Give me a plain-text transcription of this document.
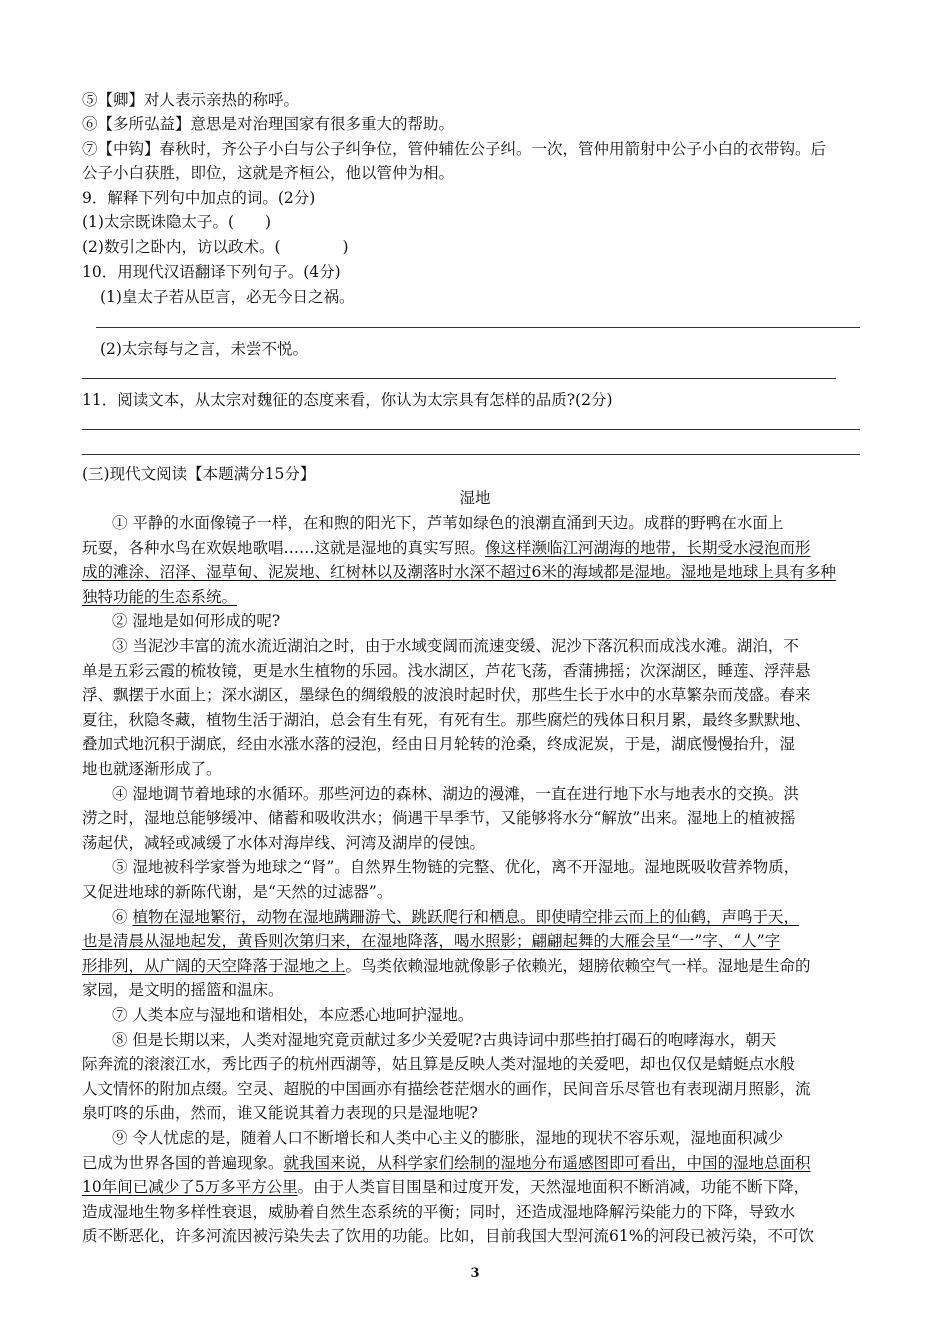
⑤【卿】对人表示亲热的称呼。
⑥【多所弘益】意思是对治理国家有很多重大的帮助。
⑦【中钩】春秋时，齐公子小白与公子纠争位，管仲辅佐公子纠。一次，管仲用箭射中公子小白的衣带钩。后
公子小白获胜，即位，这就是齐桓公，他以管仲为相。
9．解释下列句中加点的词。(2分)
(1)太宗既诛隐太子。(　　)
(2)数引之卧内，访以政术。(　　　　)
10．用现代汉语翻译下列句子。(4分)
(1)皇太子若从臣言，必无今日之祸。
(2)太宗每与之言，未尝不悦。
11．阅读文本，从太宗对魏征的态度来看，你认为太宗具有怎样的品质?(2分)
(三)现代文阅读【本题满分15分】
湿地
① 平静的水面像镜子一样，在和煦的阳光下，芦苇如绿色的浪潮直涌到天边。成群的野鸭在水面上
玩耍，各种水鸟在欢娱地歌唱……这就是湿地的真实写照。像这样濒临江河湖海的地带，长期受水浸泡而形
成的滩涂、沼泽、湿草甸、泥炭地、红树林以及潮落时水深不超过6米的海域都是湿地。湿地是地球上具有多种
独特功能的生态系统。
② 湿地是如何形成的呢?
③ 当泥沙丰富的流水流近湖泊之时，由于水域变阔而流速变缓、泥沙下落沉积而成浅水滩。湖泊，不
单是五彩云霞的梳妆镜，更是水生植物的乐园。浅水湖区，芦花飞荡，香蒲拂摇；次深湖区，睡莲、浮萍悬
浮、飘摆于水面上；深水湖区，墨绿色的绸缎般的波浪时起时伏，那些生长于水中的水草繁杂而茂盛。春来
夏往，秋隐冬藏，植物生活于湖泊，总会有生有死，有死有生。那些腐烂的残体日积月累，最终多默默地、
叠加式地沉积于湖底，经由水涨水落的浸泡，经由日月轮转的沧桑，终成泥炭，于是，湖底慢慢抬升，湿
地也就逐渐形成了。
④ 湿地调节着地球的水循环。那些河边的森林、湖边的漫滩，一直在进行地下水与地表水的交换。洪
涝之时，湿地总能够缓冲、储蓄和吸收洪水；倘遇干旱季节，又能够将水分“解放”出来。湿地上的植被摇
荡起伏，减轻或减缓了水体对海岸线、河湾及湖岸的侵蚀。
⑤ 湿地被科学家誉为地球之“肾”。自然界生物链的完整、优化，离不开湿地。湿地既吸收营养物质，
又促进地球的新陈代谢，是“天然的过滤器”。
⑥ 植物在湿地繁衍，动物在湿地蹒跚游弋、跳跃爬行和栖息。即使晴空排云而上的仙鹤，声鸣于天，
也是清晨从湿地起发，黄昏则次第归来，在湿地降落，喝水照影；翩翩起舞的大雁会呈“一”字、“人”字
形排列，从广阔的天空降落于湿地之上。鸟类依赖湿地就像影子依赖光，翅膀依赖空气一样。湿地是生命的
家园，是文明的摇篮和温床。
⑦ 人类本应与湿地和谐相处，本应悉心地呵护湿地。
⑧ 但是长期以来，人类对湿地究竟贡献过多少关爱呢?古典诗词中那些拍打碣石的咆哮海水，朝天
际奔流的滚滚江水，秀比西子的杭州西湖等，姑且算是反映人类对湿地的关爱吧，却也仅仅是蜻蜓点水般
人文情怀的附加点缀。空灵、超脱的中国画亦有描绘苍茫烟水的画作，民间音乐尽管也有表现湖月照影，流
泉叮咚的乐曲，然而，谁又能说其着力表现的只是湿地呢?
⑨ 令人忧虑的是，随着人口不断增长和人类中心主义的膨胀，湿地的现状不容乐观，湿地面积减少
已成为世界各国的普遍现象。就我国来说，从科学家们绘制的湿地分布遥感图即可看出，中国的湿地总面积
10年间已减少了5万多平方公里。由于人类盲目围垦和过度开发，天然湿地面积不断消减，功能不断下降，
造成湿地生物多样性衰退，威胁着自然生态系统的平衡；同时，还造成湿地降解污染能力的下降，导致水
质不断恶化，许多河流因被污染失去了饮用的功能。比如，目前我国大型河流61%的河段已被污染，不可饮
3
